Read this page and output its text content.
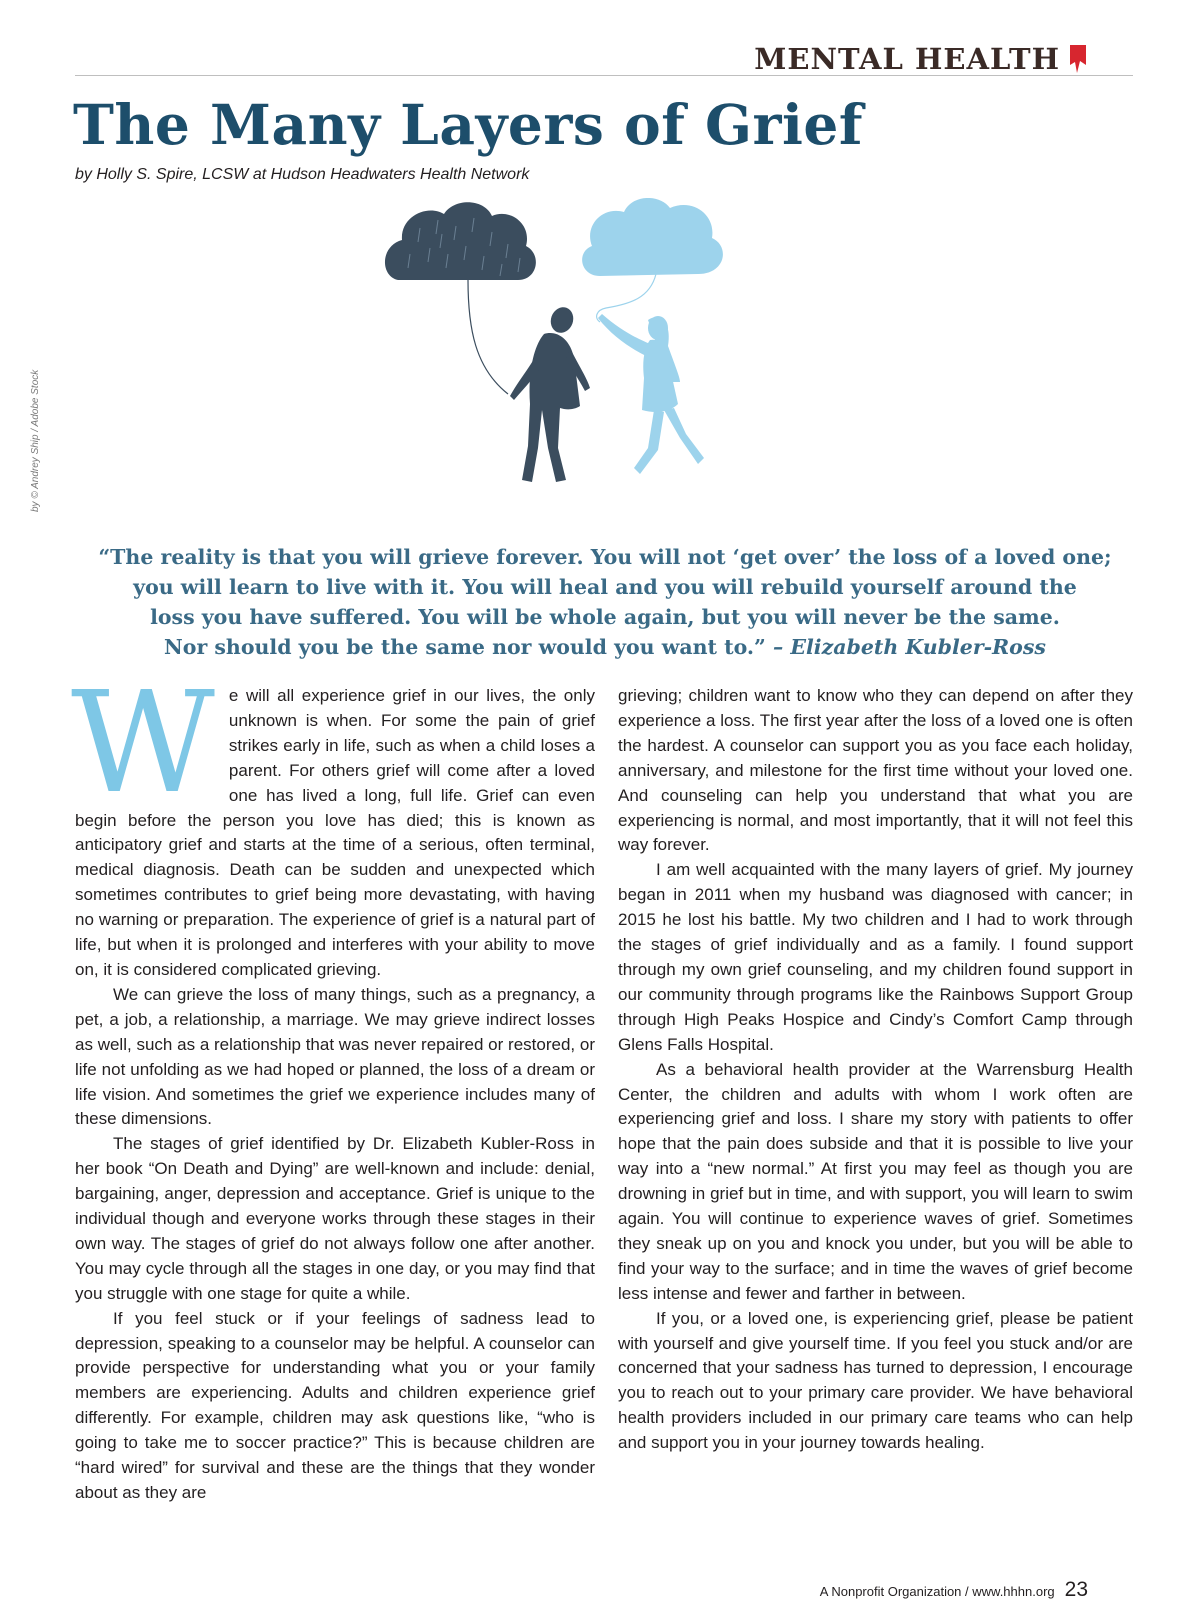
MENTAL HEALTH
The Many Layers of Grief
by Holly S. Spire, LCSW at Hudson Headwaters Health Network
by © Andrey Ship / Adobe Stock
“The reality is that you will grieve forever. You will not ‘get over’ the loss of a loved one;
you will learn to live with it. You will heal and you will rebuild yourself around the
loss you have suffered. You will be whole again, but you will never be the same.
Nor should you be the same nor would you want to.” – Elizabeth Kubler-Ross

We will all experience grief in our lives, the only unknown is when. For some the pain of grief strikes early in life, such as when a child loses a parent. For others grief will come after a loved one has lived a long, full life. Grief can even begin before the person you love has died; this is known as anticipatory grief and starts at the time of a serious, often terminal, medical diagnosis. Death can be sudden and unexpected which sometimes contributes to grief being more devastating, with having no warning or preparation. The experience of grief is a natural part of life, but when it is prolonged and interferes with your ability to move on, it is considered complicated grieving.

We can grieve the loss of many things, such as a pregnancy, a pet, a job, a relationship, a marriage. We may grieve indirect losses as well, such as a relationship that was never repaired or restored, or life not unfolding as we had hoped or planned, the loss of a dream or life vision. And sometimes the grief we experience includes many of these dimensions.

The stages of grief identified by Dr. Elizabeth Kubler-Ross in her book “On Death and Dying” are well-known and include: denial, bargaining, anger, depression and acceptance. Grief is unique to the individual though and everyone works through these stages in their own way. The stages of grief do not always follow one after another. You may cycle through all the stages in one day, or you may find that you struggle with one stage for quite a while.

If you feel stuck or if your feelings of sadness lead to depression, speaking to a counselor may be helpful. A counselor can provide perspective for understanding what you or your family members are experiencing. Adults and children experience grief differently. For example, children may ask questions like, “who is going to take me to soccer practice?” This is because children are “hard wired” for survival and these are the things that they wonder about as they are

grieving; children want to know who they can depend on after they experience a loss. The first year after the loss of a loved one is often the hardest. A counselor can support you as you face each holiday, anniversary, and milestone for the first time without your loved one. And counseling can help you understand that what you are experiencing is normal, and most importantly, that it will not feel this way forever.

I am well acquainted with the many layers of grief. My journey began in 2011 when my husband was diagnosed with cancer; in 2015 he lost his battle. My two children and I had to work through the stages of grief individually and as a family. I found support through my own grief counseling, and my children found support in our community through programs like the Rainbows Support Group through High Peaks Hospice and Cindy’s Comfort Camp through Glens Falls Hospital.

As a behavioral health provider at the Warrensburg Health Center, the children and adults with whom I work often are experiencing grief and loss. I share my story with patients to offer hope that the pain does subside and that it is possible to live your way into a “new normal.” At first you may feel as though you are drowning in grief but in time, and with support, you will learn to swim again. You will continue to experience waves of grief. Sometimes they sneak up on you and knock you under, but you will be able to find your way to the surface; and in time the waves of grief become less intense and fewer and farther in between.

If you, or a loved one, is experiencing grief, please be patient with yourself and give yourself time. If you feel you stuck and/or are concerned that your sadness has turned to depression, I encourage you to reach out to your primary care provider. We have behavioral health providers included in our primary care teams who can help and support you in your journey towards healing.

A Nonprofit Organization / www.hhhn.org 23
